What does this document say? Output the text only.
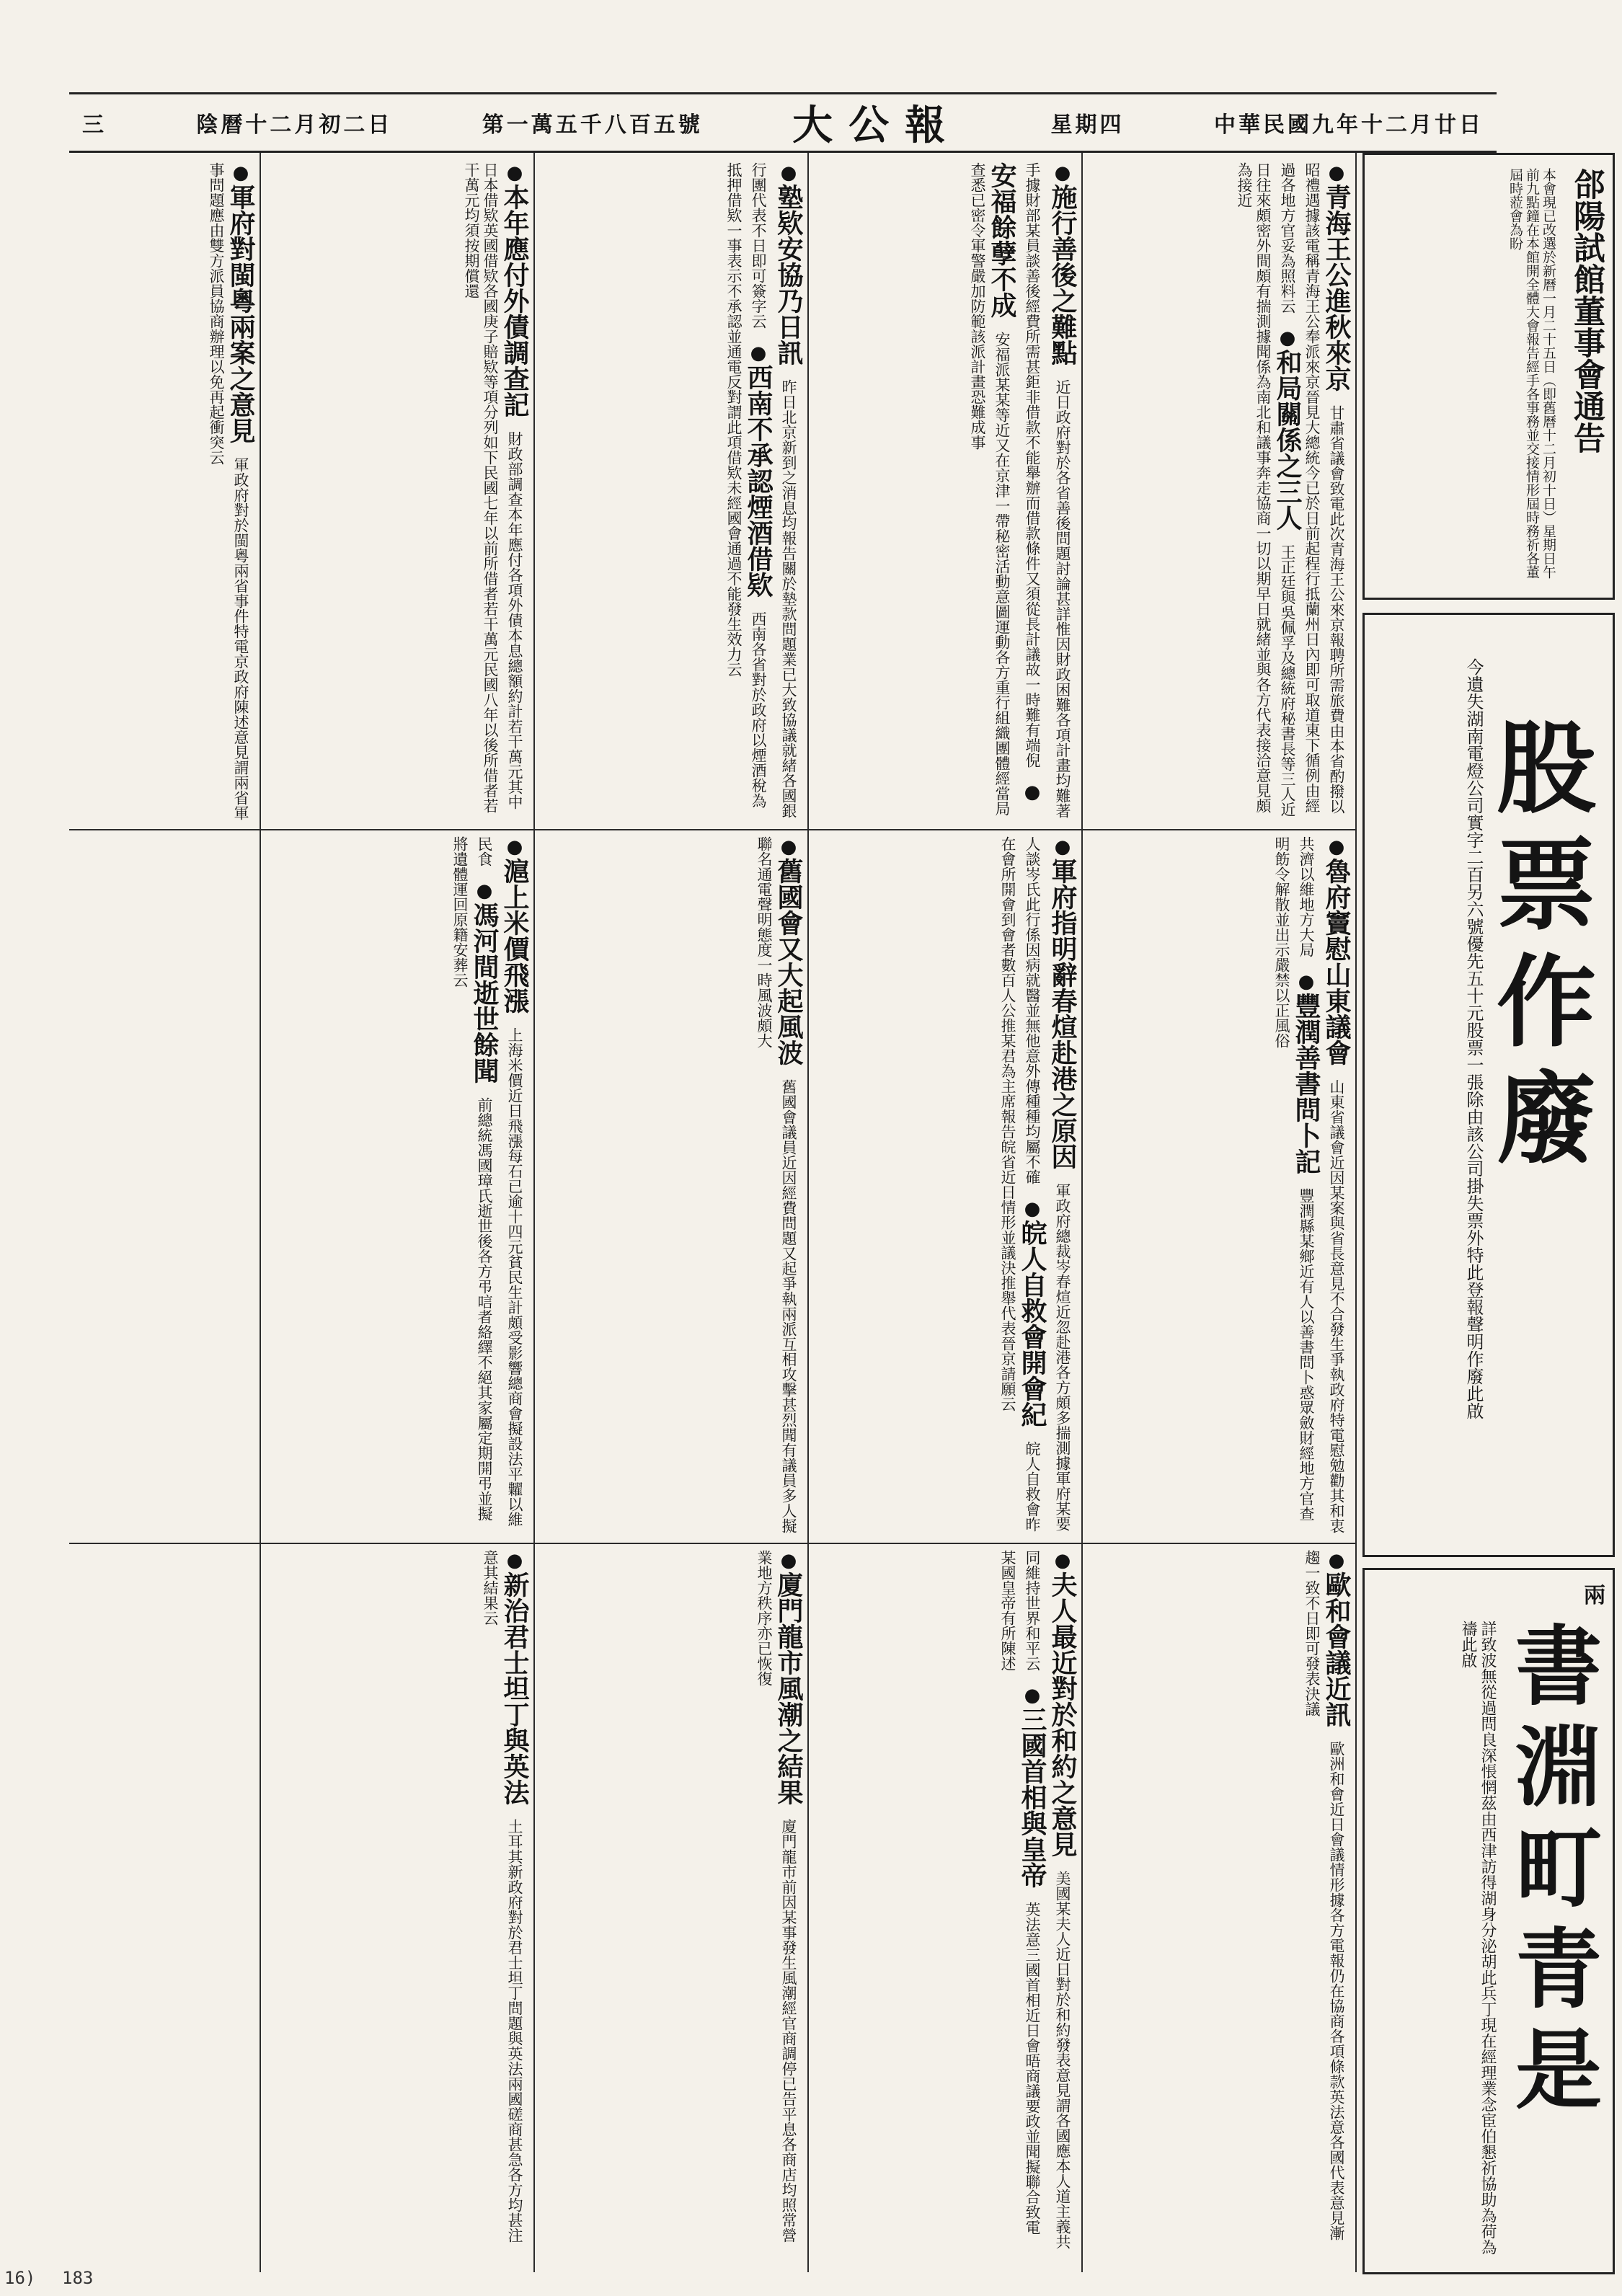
中華民國九年十二月廿日
星期四
大公報
第一萬五千八百五號
陰曆十二月初二日
三
郃陽試館董事會通告
本會現已改選於新曆一月二十五日（即舊曆十二月初十日）星期日午前九點鐘在本館開全體大會報告經手各事務並交接情形屆時務祈各董屆時蒞會為盼
股票作廢
今遺失湖南電燈公司實字二百另六號優先五十元股票一張除由該公司掛失票外特此登報聲明作廢此啟
兩
書淵町青是
詳致波無從過問良深悵惘茲由西津訪得湖身分泌胡此兵丁現在經理業念宦伯懇祈協助為荷為禱此啟
●青海王公進秋來京 甘肅省議會致電此次青海王公來京報聘所需旅費由本省酌撥以昭禮遇據該電稱青海王公奉派來京晉見大總統今已於日前起程行抵蘭州日內即可取道東下循例由經過各地方官妥為照料云 ●和局關係之三人 王正廷與吳佩孚及總統府秘書長等三人近日往來頗密外間頗有揣測據聞係為南北和議事奔走協商一切以期早日就緒並與各方代表接洽意見頗為接近
●施行善後之難點 近日政府對於各省善後問題討論甚詳惟因財政困難各項計畫均難著手據財部某員談善後經費所需甚鉅非借款不能舉辦而借款條件又須從長計議故一時難有端倪 ●安福餘孽不成 安福派某某等近又在京津一帶秘密活動意圖運動各方重行組織團體經當局查悉已密令軍警嚴加防範該派計畫恐難成事
●塾欵安協乃日訊 昨日北京新到之消息均報告關於墊款問題業已大致協議就緒各國銀行團代表不日即可簽字云 ●西南不承認煙酒借欵 西南各省對於政府以煙酒稅為抵押借欵一事表示不承認並通電反對謂此項借欵未經國會通過不能發生效力云
●本年應付外債調查記 財政部調查本年應付各項外債本息總額約計若干萬元其中日本借欵英國借欵各國庚子賠欵等項分列如下民國七年以前所借者若干萬元民國八年以後所借者若干萬元均須按期償還
●軍府對閩粵兩案之意見 軍政府對於閩粵兩省事件特電京政府陳述意見謂兩省軍事問題應由雙方派員協商辦理以免再起衝突云
●魯府竇慰山東議會 山東省議會近因某案與省長意見不合發生爭執政府特電慰勉勸其和衷共濟以維地方大局 ●豐潤善書問卜記 豐潤縣某鄉近有人以善書問卜惑眾斂財經地方官查明飭令解散並出示嚴禁以正風俗
●軍府指明辭春煊赴港之原因 軍政府總裁岑春煊近忽赴港各方頗多揣測據軍府某要人談岑氏此行係因病就醫並無他意外傳種種均屬不確 ●皖人自救會開會紀 皖人自救會昨在會所開會到會者數百人公推某君為主席報告皖省近日情形並議決推舉代表晉京請願云
●舊國會又大起風波 舊國會議員近因經費問題又起爭執兩派互相攻擊甚烈聞有議員多人擬聯名通電聲明態度一時風波頗大
●滬上米價飛漲 上海米價近日飛漲每石已逾十四元貧民生計頗受影響總商會擬設法平糶以維民食 ●馮河間逝世餘聞 前總統馮國璋氏逝世後各方弔唁者絡繹不絕其家屬定期開弔並擬將遺體運回原籍安葬云
●歐和會議近訊 歐洲和會近日會議情形據各方電報仍在協商各項條款英法意各國代表意見漸趨一致不日即可發表決議
●夫人最近對於和約之意見 美國某夫人近日對於和約發表意見謂各國應本人道主義共同維持世界和平云 ●三國首相與皇帝 英法意三國首相近日會晤商議要政並聞擬聯合致電某國皇帝有所陳述
●廈門龍市風潮之結果 廈門龍市前因某事發生風潮經官商調停已告平息各商店均照常營業地方秩序亦已恢復
●新治君士坦丁與英法 土耳其新政府對於君士坦丁問題與英法兩國磋商甚急各方均甚注意其結果云
16) 183
